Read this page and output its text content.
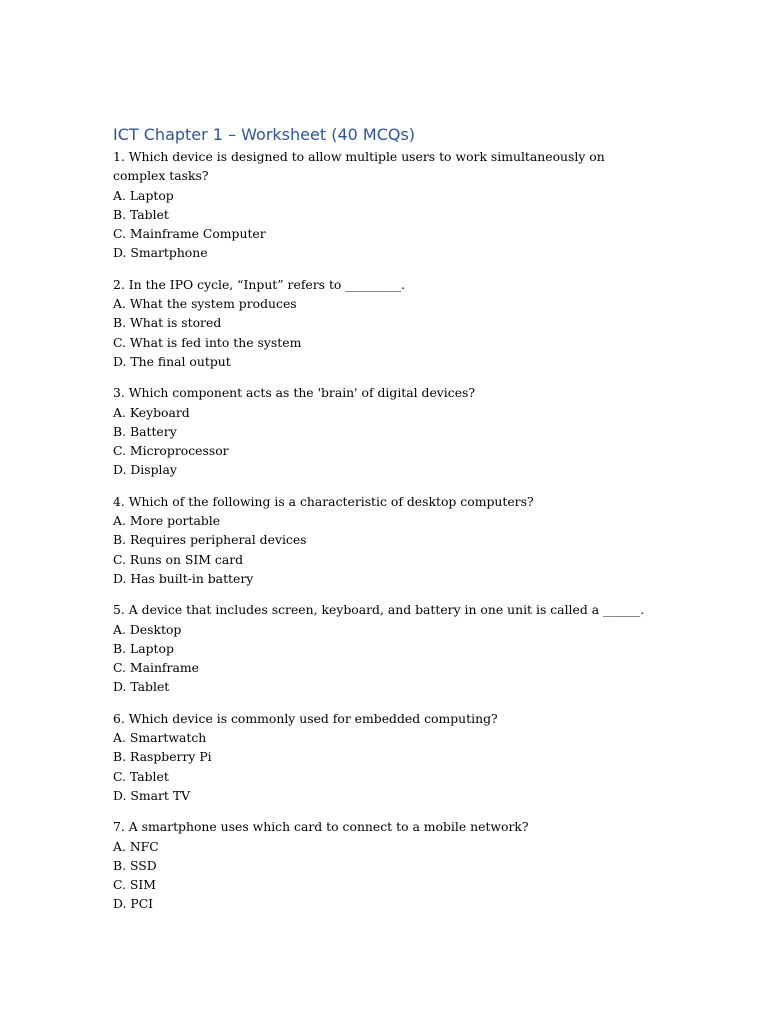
ICT Chapter 1 – Worksheet (40 MCQs)

1. Which device is designed to allow multiple users to work simultaneously on complex tasks?

A. Laptop
B. Tablet
C. Mainframe Computer
D. Smartphone

2. In the IPO cycle, “Input” refers to _________.

A. What the system produces
B. What is stored
C. What is fed into the system
D. The final output

3. Which component acts as the 'brain' of digital devices?

A. Keyboard
B. Battery
C. Microprocessor
D. Display

4. Which of the following is a characteristic of desktop computers?

A. More portable
B. Requires peripheral devices
C. Runs on SIM card
D. Has built-in battery

5. A device that includes screen, keyboard, and battery in one unit is called a ______.

A. Desktop
B. Laptop
C. Mainframe
D. Tablet

6. Which device is commonly used for embedded computing?

A. Smartwatch
B. Raspberry Pi
C. Tablet
D. Smart TV

7. A smartphone uses which card to connect to a mobile network?

A. NFC
B. SSD
C. SIM
D. PCI
